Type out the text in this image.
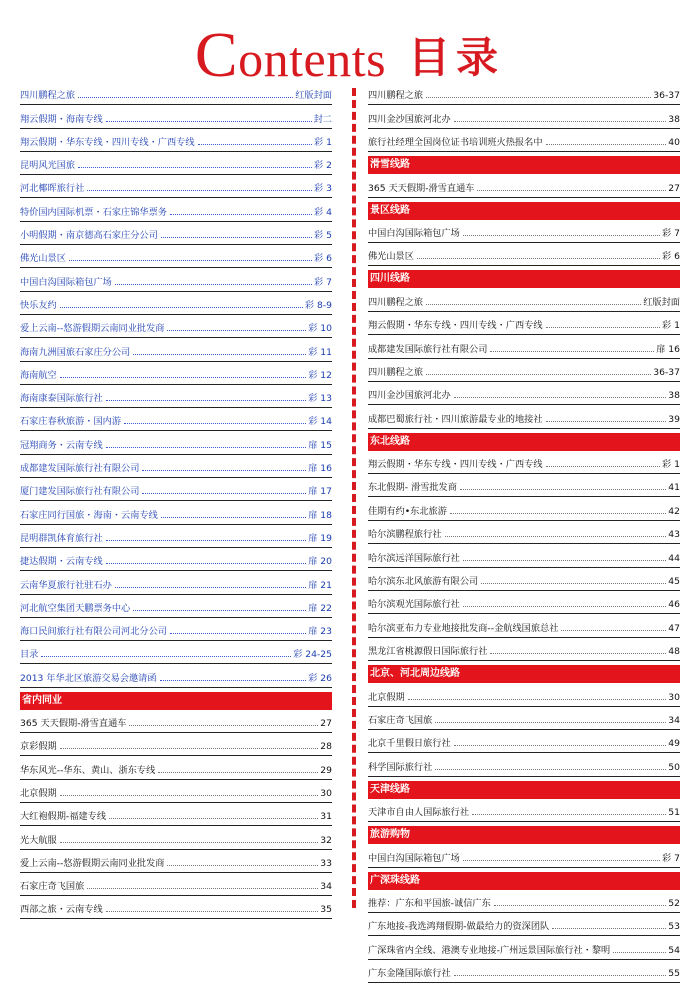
Contents 目录
四川鹏程之旅	红版封面
翔云假期・海南专线	封二
翔云假期・华东专线・四川专线・广西专线	彩 1
昆明风光国旅	彩 2
河北椰晖旅行社	彩 3
特价国内国际机票・石家庄锦华票务	彩 4
小明假期・南京德高石家庄分公司	彩 5
佛光山景区	彩 6
中国白沟国际箱包广场	彩 7
快乐友约	彩 8-9
爱上云南--悠游假期云南同业批发商	彩 10
海南九洲国旅石家庄分公司	彩 11
海南航空	彩 12
海南康泰国际旅行社	彩 13
石家庄春秋旅游・国内游	彩 14
冠翔商务・云南专线	扉 15
成都建发国际旅行社有限公司	扉 16
厦门建发国际旅行社有限公司	扉 17
石家庄同行国旅・海南・云南专线	扉 18
昆明群凯体育旅行社	扉 19
捷达假期・云南专线	扉 20
云南华夏旅行社驻石办	扉 21
河北航空集团天鹏票务中心	扉 22
海口民间旅行社有限公司河北分公司	扉 23
目录	彩 24-25
2013 年华北区旅游交易会邀请函	彩 26
省内同业
365 天天假期-滑雪直通车	27
京彩假期	28
华东风光--华东、黄山、浙东专线	29
北京假期	30
大红袍假期-福建专线	31
光大航服	32
爱上云南--悠游假期云南同业批发商	33
石家庄奇飞国旅	34
西部之旅・云南专线	35
四川鹏程之旅	36-37
四川金沙国旅河北办	38
旅行社经理全国岗位证书培训班火热报名中	40
滑雪线路
365 天天假期-滑雪直通车	27
景区线路
中国白沟国际箱包广场	彩 7
佛光山景区	彩 6
四川线路
四川鹏程之旅	红版封面
翔云假期・华东专线・四川专线・广西专线	彩 1
成都建发国际旅行社有限公司	扉 16
四川鹏程之旅	36-37
四川金沙国旅河北办	38
成都巴蜀旅行社・四川旅游最专业的地接社	39
东北线路
翔云假期・华东专线・四川专线・广西专线	彩 1
东北假期- 滑雪批发商	41
佳期有约•东北旅游	42
哈尔滨鹏程旅行社	43
哈尔滨远洋国际旅行社	44
哈尔滨东北风旅游有限公司	45
哈尔滨观光国际旅行社	46
哈尔滨亚布力专业地接批发商--金航线国旅总社	47
黑龙江省桃源假日国际旅行社	48
北京、河北周边线路
北京假期	30
石家庄奇飞国旅	34
北京千里假日旅行社	49
科学国际旅行社	50
天津线路
天津市自由人国际旅行社	51
旅游购物
中国白沟国际箱包广场	彩 7
广深珠线路
推荐：广东和平国旅-诚信广东	52
广东地接-我选鸿翔假期-做最给力的资深团队	53
广深珠省内全线、港澳专业地接-广州远景国际旅行社・黎明	54
广东金隆国际旅行社	55
